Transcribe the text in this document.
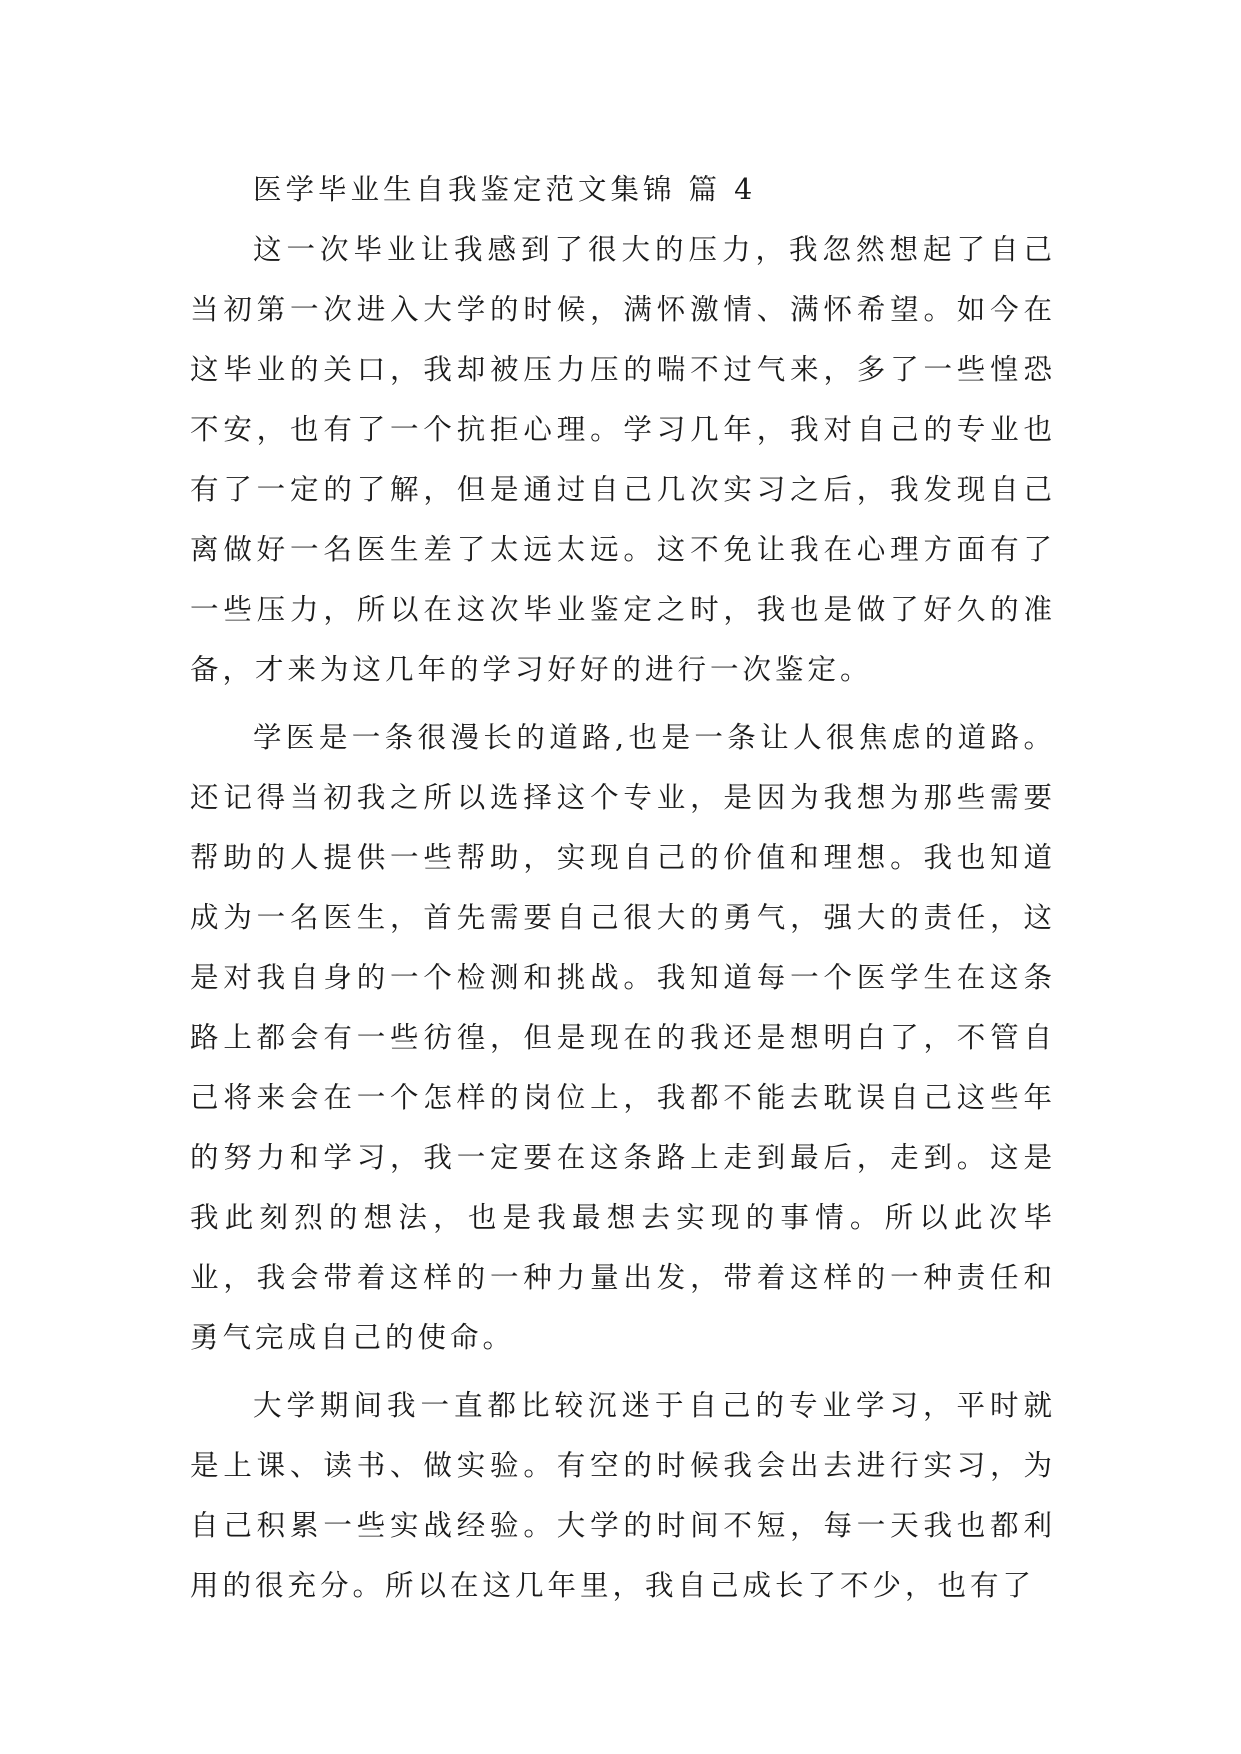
医学毕业生自我鉴定范文集锦 篇 4

这一次毕业让我感到了很大的压力，我忽然想起了自己当初第一次进入大学的时候，满怀激情、满怀希望。如今在这毕业的关口，我却被压力压的喘不过气来，多了一些惶恐不安，也有了一个抗拒心理。学习几年，我对自己的专业也有了一定的了解，但是通过自己几次实习之后，我发现自己离做好一名医生差了太远太远。这不免让我在心理方面有了一些压力，所以在这次毕业鉴定之时，我也是做了好久的准备，才来为这几年的学习好好的进行一次鉴定。

学医是一条很漫长的道路,也是一条让人很焦虑的道路。还记得当初我之所以选择这个专业，是因为我想为那些需要帮助的人提供一些帮助，实现自己的价值和理想。我也知道成为一名医生，首先需要自己很大的勇气，强大的责任，这是对我自身的一个检测和挑战。我知道每一个医学生在这条路上都会有一些彷徨，但是现在的我还是想明白了，不管自己将来会在一个怎样的岗位上，我都不能去耽误自己这些年的努力和学习，我一定要在这条路上走到最后，走到。这是我此刻烈的想法，也是我最想去实现的事情。所以此次毕业，我会带着这样的一种力量出发，带着这样的一种责任和勇气完成自己的使命。

大学期间我一直都比较沉迷于自己的专业学习，平时就是上课、读书、做实验。有空的时候我会出去进行实习，为自己积累一些实战经验。大学的时间不短，每一天我也都利用的很充分。所以在这几年里，我自己成长了不少，也有了
